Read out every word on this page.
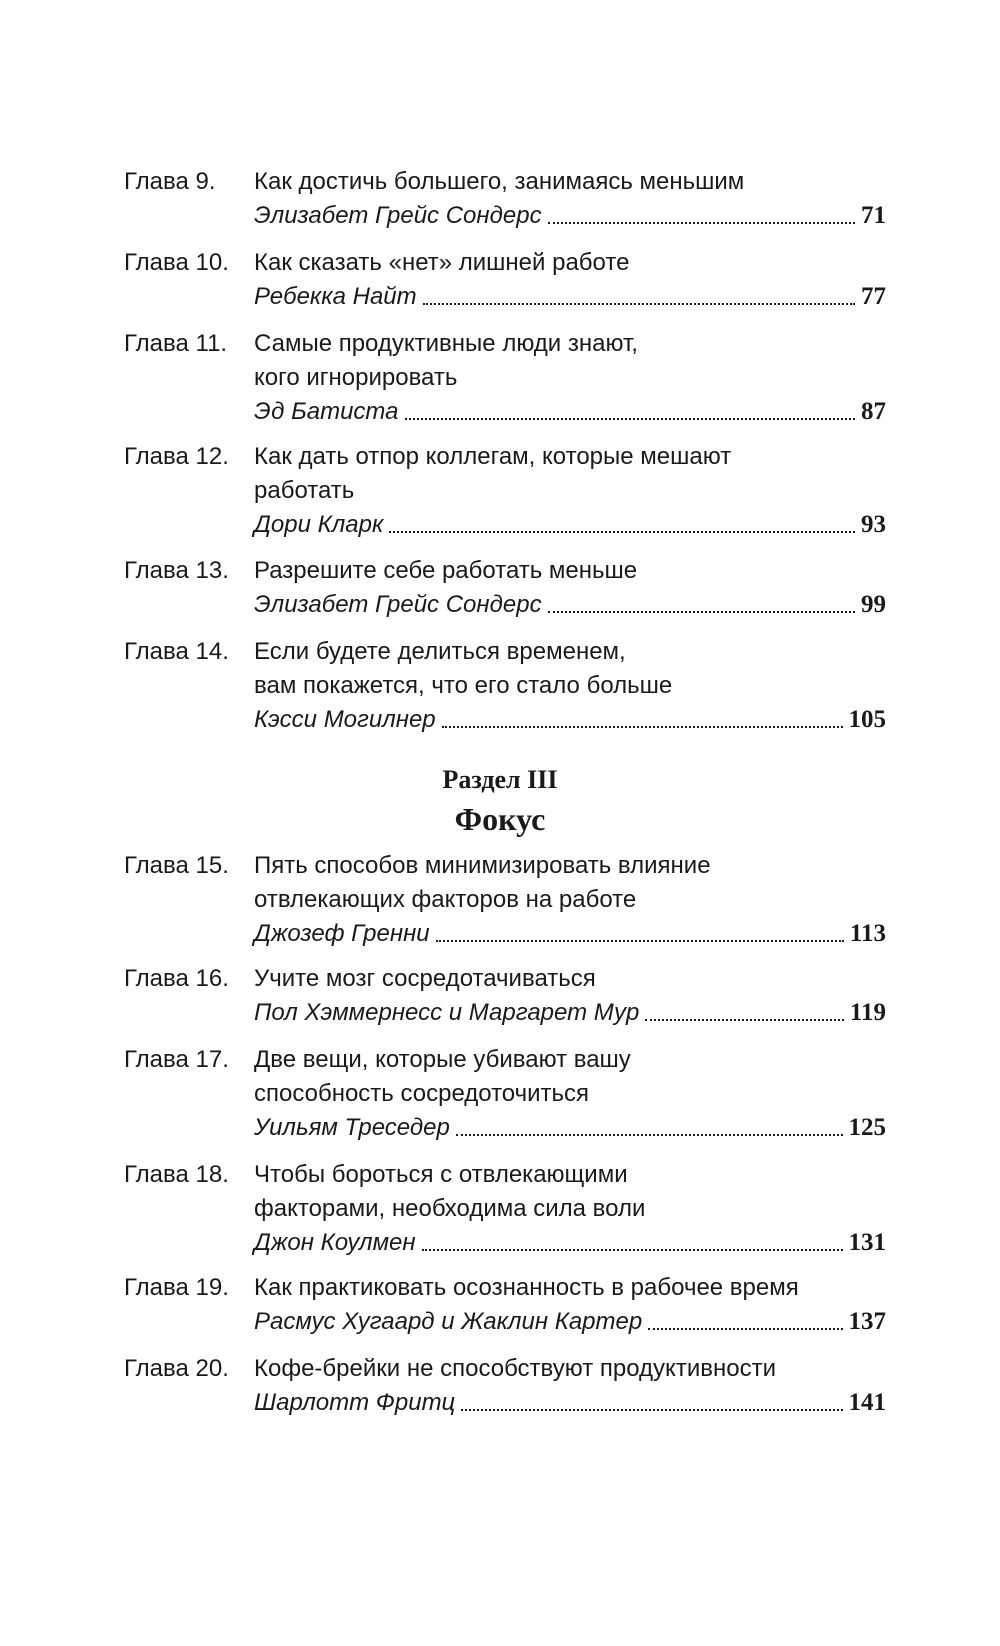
Глава 9. Как достичь большего, занимаясь меньшим
Элизабет Грейс Сондерс	71
Глава 10. Как сказать «нет» лишней работе
Ребекка Найт	77
Глава 11. Самые продуктивные люди знают,
кого игнорировать
Эд Батиста	87
Глава 12. Как дать отпор коллегам, которые мешают
работать
Дори Кларк	93
Глава 13. Разрешите себе работать меньше
Элизабет Грейс Сондерс	99
Глава 14. Если будете делиться временем,
вам покажется, что его стало больше
Кэсси Могилнер	105
Раздел III
Фокус
Глава 15. Пять способов минимизировать влияние
отвлекающих факторов на работе
Джозеф Гренни	113
Глава 16. Учите мозг сосредотачиваться
Пол Хэммернесс и Маргарет Мур	119
Глава 17. Две вещи, которые убивают вашу
способность сосредоточиться
Уильям Треседер	125
Глава 18. Чтобы бороться с отвлекающими
факторами, необходима сила воли
Джон Коулмен	131
Глава 19. Как практиковать осознанность в рабочее время
Расмус Хугаард и Жаклин Картер	137
Глава 20. Кофе-брейки не способствуют продуктивности
Шарлотт Фритц	141
